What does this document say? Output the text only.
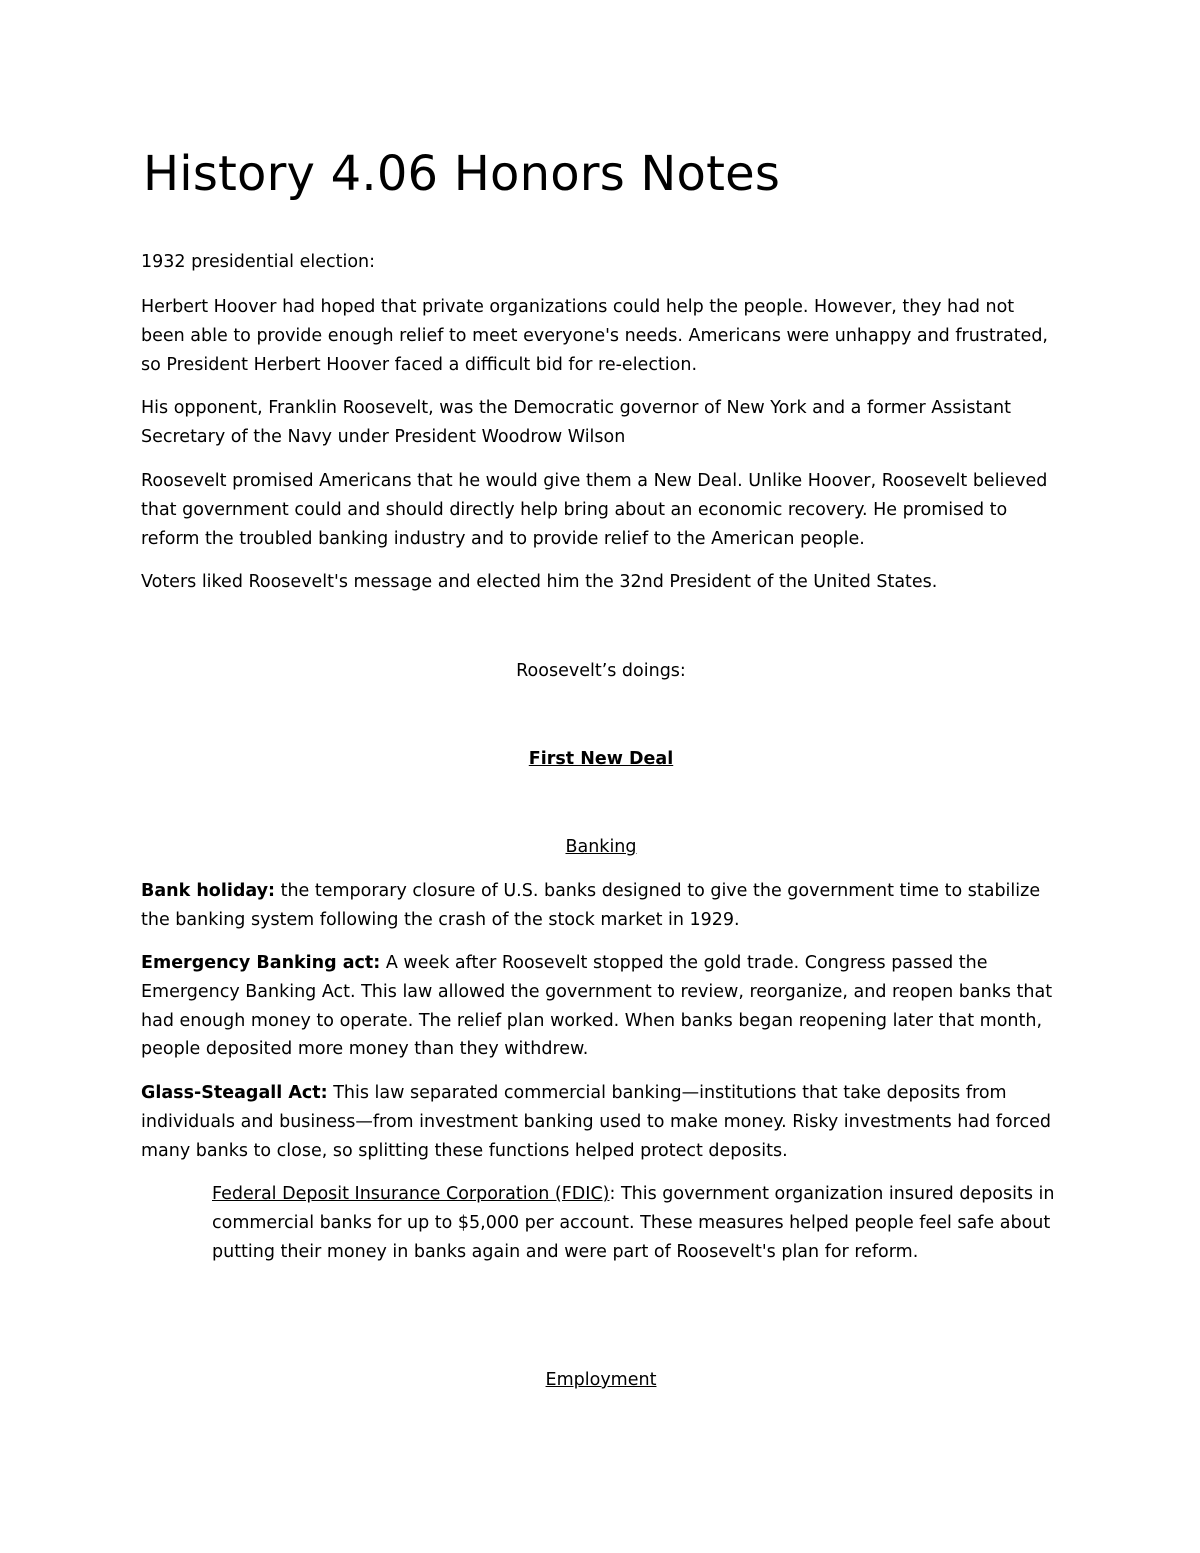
History 4.06 Honors Notes

1932 presidential election:

Herbert Hoover had hoped that private organizations could help the people. However, they had not been able to provide enough relief to meet everyone's needs. Americans were unhappy and frustrated, so President Herbert Hoover faced a difficult bid for re-election.

His opponent, Franklin Roosevelt, was the Democratic governor of New York and a former Assistant Secretary of the Navy under President Woodrow Wilson

Roosevelt promised Americans that he would give them a New Deal. Unlike Hoover, Roosevelt believed that government could and should directly help bring about an economic recovery. He promised to reform the troubled banking industry and to provide relief to the American people.

Voters liked Roosevelt's message and elected him the 32nd President of the United States.

Roosevelt’s doings:

First New Deal

Banking

Bank holiday: the temporary closure of U.S. banks designed to give the government time to stabilize the banking system following the crash of the stock market in 1929.

Emergency Banking act: A week after Roosevelt stopped the gold trade. Congress passed the Emergency Banking Act. This law allowed the government to review, reorganize, and reopen banks that had enough money to operate. The relief plan worked. When banks began reopening later that month, people deposited more money than they withdrew.

Glass-Steagall Act: This law separated commercial banking—institutions that take deposits from individuals and business—from investment banking used to make money. Risky investments had forced many banks to close, so splitting these functions helped protect deposits.

Federal Deposit Insurance Corporation (FDIC): This government organization insured deposits in commercial banks for up to $5,000 per account. These measures helped people feel safe about putting their money in banks again and were part of Roosevelt's plan for reform.

Employment
